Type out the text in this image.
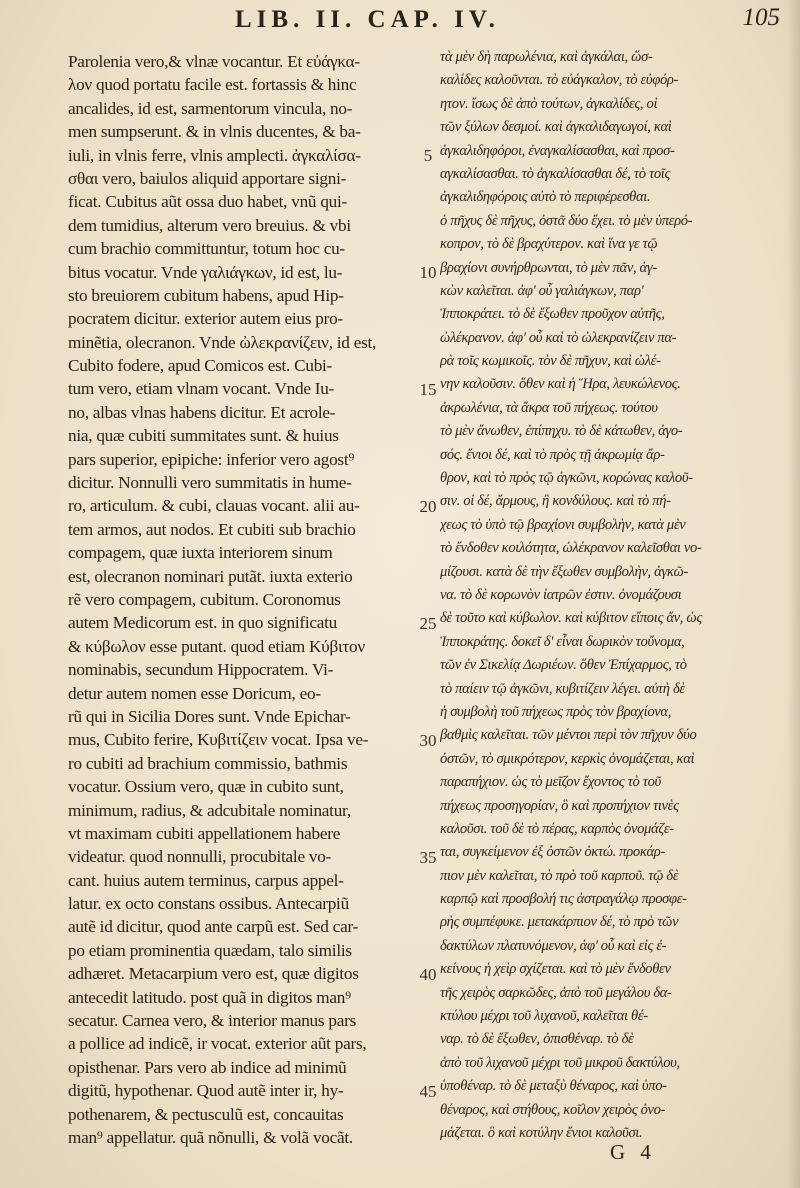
LIB. II. CAP. IV.	105
Parolenia vero,& vlnæ vocantur. Et εὐάγκα-
λον quod portatu facile est. fortassis & hinc
ancalides, id est, sarmentorum vincula, no-
men sumpserunt. & in vlnis ducentes, & ba-
iuli, in vlnis ferre, vlnis amplecti. ἀγκαλίσα-
σθαι vero, baiulos aliquid apportare signi-
ficat. Cubitus aũt ossa duo habet, vnũ qui-
dem tumidius, alterum vero breuius. & vbi
cum brachio committuntur, totum hoc cu-
bitus vocatur. Vnde γαλιάγκων, id est, lu-
sto breuiorem cubitum habens, apud Hip-
pocratem dicitur. exterior autem eius pro-
minẽtia, olecranon. Vnde ὠλεκρανίζειν, id est,
Cubito fodere, apud Comicos est. Cubi-
tum vero, etiam vlnam vocant. Vnde Iu-
no, albas vlnas habens dicitur. Et acrole-
nia, quæ cubiti summitates sunt. & huius
pars superior, epipiche: inferior vero agost⁹
dicitur. Nonnulli vero summitatis in hume-
ro, articulum. & cubi, clauas vocant. alii au-
tem armos, aut nodos. Et cubiti sub brachio
compagem, quæ iuxta interiorem sinum
est, olecranon nominari putãt. iuxta exterio
rẽ vero compagem, cubitum. Coronomus
autem Medicorum est. in quo significatu
& κύβωλον esse putant. quod etiam Κύβιτον
nominabis, secundum Hippocratem. Vi-
detur autem nomen esse Doricum, eo-
rũ qui in Sicilia Dores sunt. Vnde Epichar-
mus, Cubito ferire, Κυβιτίζειν vocat. Ipsa ve-
ro cubiti ad brachium commissio, bathmis
vocatur. Ossium vero, quæ in cubito sunt,
minimum, radius, & adcubitale nominatur,
vt maximam cubiti appellationem habere
videatur. quod nonnulli, procubitale vo-
cant. huius autem terminus, carpus appel-
latur. ex octo constans ossibus. Antecarpiũ
autẽ id dicitur, quod ante carpũ est. Sed car-
po etiam prominentia quædam, talo similis
adhæret. Metacarpium vero est, quæ digitos
antecedit latitudo. post quã in digitos man⁹
secatur. Carnea vero, & interior manus pars
a pollice ad indicẽ, ir vocat. exterior aũt pars,
opisthenar. Pars vero ab indice ad minimũ
digitũ, hypothenar. Quod autẽ inter ir, hy-
pothenarem, & pectusculũ est, concauitas
man⁹ appellatur. quã nõnulli, & volã vocãt.
5
10
15
20
25
30
35
40
45
τὰ μὲν δὴ παρωλένια, καὶ ἀγκάλαι, ὥσ-
καλίδες καλοῦνται. τὸ εὐάγκαλον, τὸ εὐφόρ-
ητον. ἴσως δὲ ἀπὸ τούτων, ἀγκαλίδες, οἱ
τῶν ξύλων δεσμοί. καὶ ἀγκαλιδαγωγοί, καὶ
ἀγκαλιδηφόροι, ἐναγκαλίσασθαι, καὶ προσ-
αγκαλίσασθαι. τὸ ἀγκαλίσασθαι δέ, τὸ τοῖς
ἀγκαλιδηφόροις αὐτὸ τὸ περιφέρεσθαι.
ὁ πῆχυς δὲ πῆχυς, ὀστᾶ δύο ἔχει. τὸ μὲν ὑπερό-
κοπρον, τὸ δὲ βραχύτερον. καὶ ἵνα γε τῷ
βραχίονι συνήρθρωνται, τὸ μὲν πᾶν, ἀγ-
κὼν καλεῖται. ἀφ' οὗ γαλιάγκων, παρ'
Ἱπποκράτει. τὸ δὲ ἔξωθεν προῦχον αὐτῆς,
ὠλέκρανον. ἀφ' οὗ καὶ τὸ ὠλεκρανίζειν πα-
ρὰ τοῖς κωμικοῖς. τὸν δὲ πῆχυν, καὶ ὠλέ-
νην καλοῦσιν. ὅθεν καὶ ἡ Ἥρα, λευκώλενος.
ἀκρωλένια, τὰ ἄκρα τοῦ πήχεως. τούτου
τὸ μὲν ἄνωθεν, ἐπίπηχυ. τὸ δὲ κάτωθεν, ἀγο-
σός. ἔνιοι δέ, καὶ τὸ πρὸς τῇ ἀκρωμίᾳ ἄρ-
θρον, καὶ τὸ πρὸς τῷ ἀγκῶνι, κορώνας καλοῦ-
σιν. οἱ δέ, ἄρμους, ἢ κονδύλους. καὶ τὸ πή-
χεως τὸ ὑπὸ τῷ βραχίονι συμβολὴν, κατὰ μὲν
τὸ ἔνδοθεν κοιλότητα, ὠλέκρανον καλεῖσθαι νο-
μίζουσι. κατὰ δὲ τὴν ἔξωθεν συμβολὴν, ἀγκῶ-
να. τὸ δὲ κορωνὸν ἰατρῶν ἐστιν. ὀνομάζουσι
δὲ τοῦτο καὶ κύβωλον. καὶ κύβιτον εἴποις ἄν, ὡς
Ἱπποκράτης. δοκεῖ δ' εἶναι δωρικὸν τοὔνομα,
τῶν ἐν Σικελίᾳ Δωριέων. ὅθεν Ἐπίχαρμος, τὸ
τὸ παίειν τῷ ἀγκῶνι, κυβιτίζειν λέγει. αὐτὴ δὲ
ἡ συμβολὴ τοῦ πήχεως πρὸς τὸν βραχίονα,
βαθμὶς καλεῖται. τῶν μέντοι περὶ τὸν πῆχυν δύο
ὀστῶν, τὸ σμικρότερον, κερκὶς ὀνομάζεται, καὶ
παραπήχιον. ὡς τὸ μεῖζον ἔχοντος τὸ τοῦ
πήχεως προσηγορίαν, ὃ καὶ προπήχιον τινὲς
καλοῦσι. τοῦ δὲ τὸ πέρας, καρπὸς ὀνομάζε-
ται, συγκείμενον ἐξ ὀστῶν ὀκτώ. προκάρ-
πιον μὲν καλεῖται, τὸ πρὸ τοῦ καρποῦ. τῷ δὲ
καρπῷ καὶ προσβολή τις ἀστραγάλῳ προσφε-
ρὴς συμπέφυκε. μετακάρπιον δέ, τὸ πρὸ τῶν
δακτύλων πλατυνόμενον, ἀφ' οὗ καὶ εἰς ἐ-
κείνους ἡ χεὶρ σχίζεται. καὶ τὸ μὲν ἔνδοθεν
τῆς χειρὸς σαρκῶδες, ἀπὸ τοῦ μεγάλου δα-
κτύλου μέχρι τοῦ λιχανοῦ, καλεῖται θέ-
ναρ. τὸ δὲ ἔξωθεν, ὀπισθέναρ. τὸ δὲ
ἀπὸ τοῦ λιχανοῦ μέχρι τοῦ μικροῦ δακτύλου,
ὑποθέναρ. τὸ δὲ μεταξὺ θέναρος, καὶ ὑπο-
θέναρος, καὶ στήθους, κοῖλον χειρὸς ὀνο-
μάζεται. ὃ καὶ κοτύλην ἔνιοι καλοῦσι.
G 4
